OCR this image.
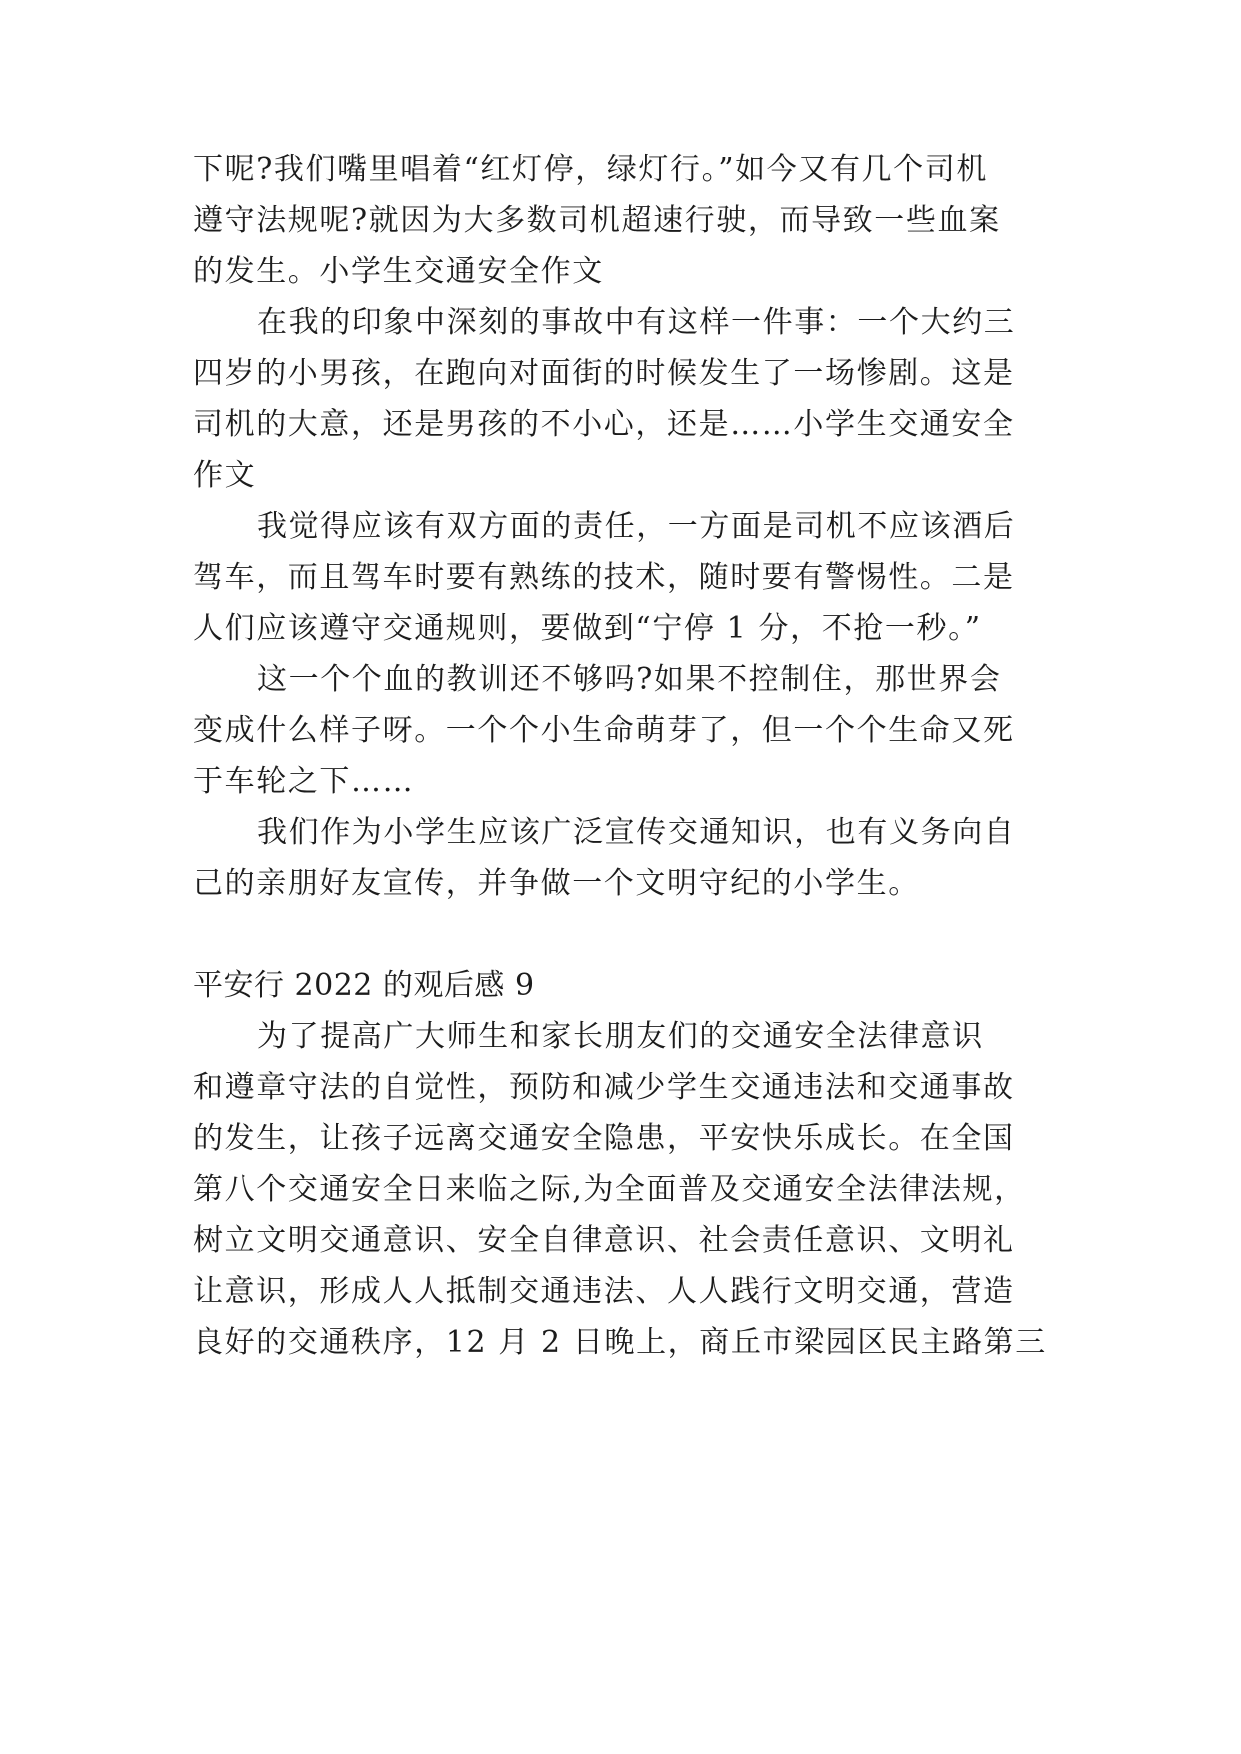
下呢?我们嘴里唱着“红灯停，绿灯行。”如今又有几个司机
遵守法规呢?就因为大多数司机超速行驶，而导致一些血案
的发生。小学生交通安全作文
在我的印象中深刻的事故中有这样一件事：一个大约三
四岁的小男孩，在跑向对面街的时候发生了一场惨剧。这是
司机的大意，还是男孩的不小心，还是……小学生交通安全
作文
我觉得应该有双方面的责任，一方面是司机不应该酒后
驾车，而且驾车时要有熟练的技术，随时要有警惕性。二是
人们应该遵守交通规则，要做到“宁停 1 分，不抢一秒。”
这一个个血的教训还不够吗?如果不控制住，那世界会
变成什么样子呀。一个个小生命萌芽了，但一个个生命又死
于车轮之下……
我们作为小学生应该广泛宣传交通知识，也有义务向自
己的亲朋好友宣传，并争做一个文明守纪的小学生。
平安行 2022 的观后感 9
为了提高广大师生和家长朋友们的交通安全法律意识
和遵章守法的自觉性，预防和减少学生交通违法和交通事故
的发生，让孩子远离交通安全隐患，平安快乐成长。在全国
第八个交通安全日来临之际,为全面普及交通安全法律法规，
树立文明交通意识、安全自律意识、社会责任意识、文明礼
让意识，形成人人抵制交通违法、人人践行文明交通，营造
良好的交通秩序，12 月 2 日晚上，商丘市梁园区民主路第三
